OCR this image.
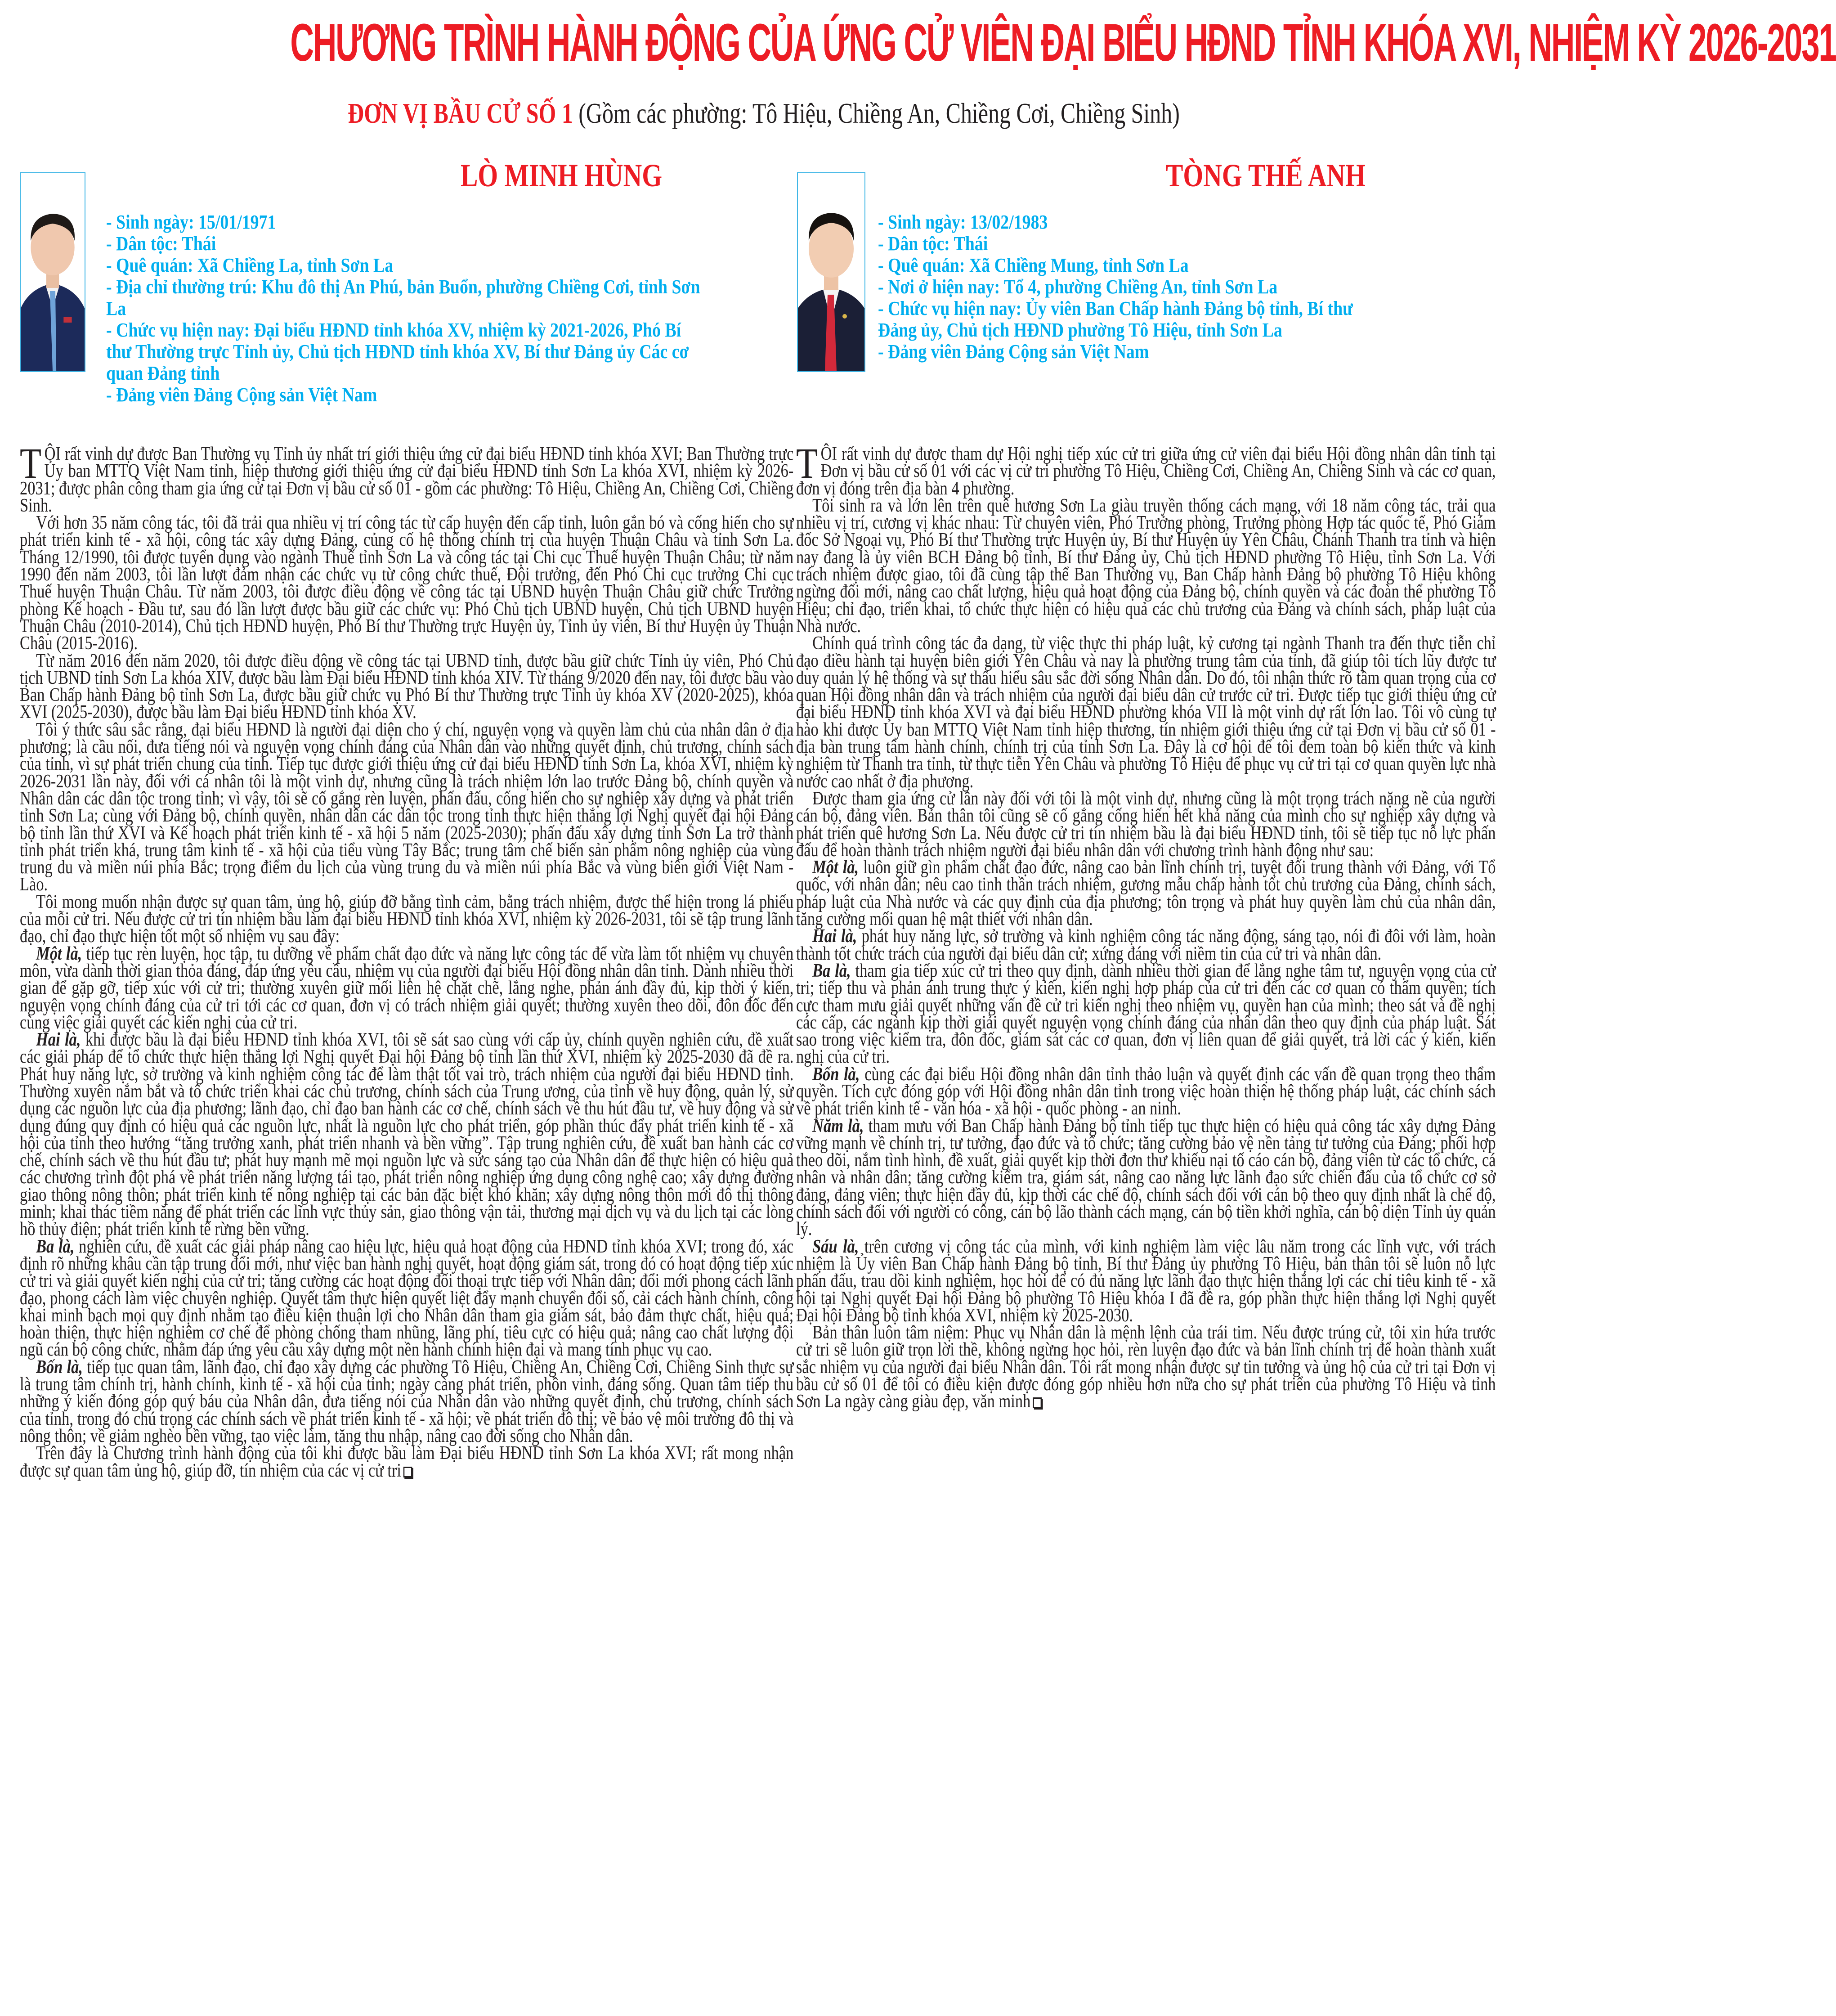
CHƯƠNG TRÌNH HÀNH ĐỘNG CỦA ỨNG CỬ VIÊN ĐẠI BIỂU HĐND TỈNH KHÓA XVI, NHIỆM KỲ 2026-2031
ĐƠN VỊ BẦU CỬ SỐ 1 (Gồm các phường: Tô Hiệu, Chiềng An, Chiềng Cơi, Chiềng Sinh)
LÒ MINH HÙNG
- Sinh ngày: 15/01/1971
- Dân tộc: Thái
- Quê quán: Xã Chiềng La, tỉnh Sơn La
- Địa chỉ thường trú: Khu đô thị An Phú, bản Buổn, phường Chiềng Cơi, tỉnh Sơn La
- Chức vụ hiện nay: Đại biểu HĐND tỉnh khóa XV, nhiệm kỳ 2021-2026, Phó Bí thư Thường trực Tỉnh ủy, Chủ tịch HĐND tỉnh khóa XV, Bí thư Đảng ủy Các cơ quan Đảng tỉnh
- Đảng viên Đảng Cộng sản Việt Nam
TÒNG THẾ ANH
- Sinh ngày: 13/02/1983
- Dân tộc: Thái
- Quê quán: Xã Chiềng Mung, tỉnh Sơn La
- Nơi ở hiện nay: Tổ 4, phường Chiềng An, tỉnh Sơn La
- Chức vụ hiện nay: Ủy viên Ban Chấp hành Đảng bộ tỉnh, Bí thư Đảng ủy, Chủ tịch HĐND phường Tô Hiệu, tỉnh Sơn La
- Đảng viên Đảng Cộng sản Việt Nam

TÔI rất vinh dự được Ban Thường vụ Tỉnh ủy nhất trí giới thiệu ứng cử đại biểu HĐND tỉnh khóa XVI; Ban Thường trực Ủy ban MTTQ Việt Nam tỉnh, hiệp thương giới thiệu ứng cử đại biểu HĐND tỉnh Sơn La khóa XVI, nhiệm kỳ 2026-2031; được phân công tham gia ứng cử tại Đơn vị bầu cử số 01 - gồm các phường: Tô Hiệu, Chiềng An, Chiềng Cơi, Chiềng Sinh.

Với hơn 35 năm công tác, tôi đã trải qua nhiều vị trí công tác từ cấp huyện đến cấp tỉnh, luôn gắn bó và cống hiến cho sự phát triển kinh tế - xã hội, công tác xây dựng Đảng, củng cố hệ thống chính trị của huyện Thuận Châu và tỉnh Sơn La. Tháng 12/1990, tôi được tuyển dụng vào ngành Thuế tỉnh Sơn La và công tác tại Chi cục Thuế huyện Thuận Châu; từ năm 1990 đến năm 2003, tôi lần lượt đảm nhận các chức vụ từ công chức thuế, Đội trưởng, đến Phó Chi cục trưởng Chi cục Thuế huyện Thuận Châu. Từ năm 2003, tôi được điều động về công tác tại UBND huyện Thuận Châu giữ chức Trưởng phòng Kế hoạch - Đầu tư, sau đó lần lượt được bầu giữ các chức vụ: Phó Chủ tịch UBND huyện, Chủ tịch UBND huyện Thuận Châu (2010-2014), Chủ tịch HĐND huyện, Phó Bí thư Thường trực Huyện ủy, Tỉnh ủy viên, Bí thư Huyện ủy Thuận Châu (2015-2016).

Từ năm 2016 đến năm 2020, tôi được điều động về công tác tại UBND tỉnh, được bầu giữ chức Tỉnh ủy viên, Phó Chủ tịch UBND tỉnh Sơn La khóa XIV, được bầu làm Đại biểu HĐND tỉnh khóa XIV. Từ tháng 9/2020 đến nay, tôi được bầu vào Ban Chấp hành Đảng bộ tỉnh Sơn La, được bầu giữ chức vụ Phó Bí thư Thường trực Tỉnh ủy khóa XV (2020-2025), khóa XVI (2025-2030), được bầu làm Đại biểu HĐND tỉnh khóa XV.

Tôi ý thức sâu sắc rằng, đại biểu HĐND là người đại diện cho ý chí, nguyện vọng và quyền làm chủ của nhân dân ở địa phương; là cầu nối, đưa tiếng nói và nguyện vọng chính đáng của Nhân dân vào những quyết định, chủ trương, chính sách của tỉnh, vì sự phát triển chung của tỉnh. Tiếp tục được giới thiệu ứng cử đại biểu HĐND tỉnh Sơn La, khóa XVI, nhiệm kỳ 2026-2031 lần này, đối với cá nhân tôi là một vinh dự, nhưng cũng là trách nhiệm lớn lao trước Đảng bộ, chính quyền và Nhân dân các dân tộc trong tỉnh; vì vậy, tôi sẽ cố gắng rèn luyện, phấn đấu, cống hiến cho sự nghiệp xây dựng và phát triển tỉnh Sơn La; cùng với Đảng bộ, chính quyền, nhân dân các dân tộc trong tỉnh thực hiện thắng lợi Nghị quyết đại hội Đảng bộ tỉnh lần thứ XVI và Kế hoạch phát triển kinh tế - xã hội 5 năm (2025-2030); phấn đấu xây dựng tỉnh Sơn La trở thành tỉnh phát triển khá, trung tâm kinh tế - xã hội của tiểu vùng Tây Bắc; trung tâm chế biến sản phẩm nông nghiệp của vùng trung du và miền núi phía Bắc; trọng điểm du lịch của vùng trung du và miền núi phía Bắc và vùng biên giới Việt Nam - Lào.

Tôi mong muốn nhận được sự quan tâm, ủng hộ, giúp đỡ bằng tình cảm, bằng trách nhiệm, được thể hiện trong lá phiếu của mỗi cử tri. Nếu được cử tri tín nhiệm bầu làm đại biểu HĐND tỉnh khóa XVI, nhiệm kỳ 2026-2031, tôi sẽ tập trung lãnh đạo, chỉ đạo thực hiện tốt một số nhiệm vụ sau đây:

Một là, tiếp tục rèn luyện, học tập, tu dưỡng về phẩm chất đạo đức và năng lực công tác để vừa làm tốt nhiệm vụ chuyên môn, vừa dành thời gian thỏa đáng, đáp ứng yêu cầu, nhiệm vụ của người đại biểu Hội đồng nhân dân tỉnh. Dành nhiều thời gian để gặp gỡ, tiếp xúc với cử tri; thường xuyên giữ mối liên hệ chặt chẽ, lắng nghe, phản ánh đầy đủ, kịp thời ý kiến, nguyện vọng chính đáng của cử tri tới các cơ quan, đơn vị có trách nhiệm giải quyết; thường xuyên theo dõi, đôn đốc đến cùng việc giải quyết các kiến nghị của cử tri.

Hai là, khi được bầu là đại biểu HĐND tỉnh khóa XVI, tôi sẽ sát sao cùng với cấp ủy, chính quyền nghiên cứu, đề xuất các giải pháp để tổ chức thực hiện thắng lợi Nghị quyết Đại hội Đảng bộ tỉnh lần thứ XVI, nhiệm kỳ 2025-2030 đã đề ra. Phát huy năng lực, sở trường và kinh nghiệm công tác để làm thật tốt vai trò, trách nhiệm của người đại biểu HĐND tỉnh. Thường xuyên nắm bắt và tổ chức triển khai các chủ trương, chính sách của Trung ương, của tỉnh về huy động, quản lý, sử dụng các nguồn lực của địa phương; lãnh đạo, chỉ đạo ban hành các cơ chế, chính sách về thu hút đầu tư, về huy động và sử dụng đúng quy định có hiệu quả các nguồn lực, nhất là nguồn lực cho phát triển, góp phần thúc đẩy phát triển kinh tế - xã hội của tỉnh theo hướng “tăng trưởng xanh, phát triển nhanh và bền vững”. Tập trung nghiên cứu, đề xuất ban hành các cơ chế, chính sách về thu hút đầu tư; phát huy mạnh mẽ mọi nguồn lực và sức sáng tạo của Nhân dân để thực hiện có hiệu quả các chương trình đột phá về phát triển năng lượng tái tạo, phát triển nông nghiệp ứng dụng công nghệ cao; xây dựng đường giao thông nông thôn; phát triển kinh tế nông nghiệp tại các bản đặc biệt khó khăn; xây dựng nông thôn mới đô thị thông minh; khai thác tiềm năng để phát triển các lĩnh vực thủy sản, giao thông vận tải, thương mại dịch vụ và du lịch tại các lòng hồ thủy điện; phát triển kinh tế rừng bền vững.

Ba là, nghiên cứu, đề xuất các giải pháp nâng cao hiệu lực, hiệu quả hoạt động của HĐND tỉnh khóa XVI; trong đó, xác định rõ những khâu cần tập trung đổi mới, như việc ban hành nghị quyết, hoạt động giám sát, trong đó có hoạt động tiếp xúc cử tri và giải quyết kiến nghị của cử tri; tăng cường các hoạt động đối thoại trực tiếp với Nhân dân; đổi mới phong cách lãnh đạo, phong cách làm việc chuyên nghiệp. Quyết tâm thực hiện quyết liệt đẩy mạnh chuyển đổi số, cải cách hành chính, công khai minh bạch mọi quy định nhằm tạo điều kiện thuận lợi cho Nhân dân tham gia giám sát, bảo đảm thực chất, hiệu quả; hoàn thiện, thực hiện nghiêm cơ chế để phòng chống tham nhũng, lãng phí, tiêu cực có hiệu quả; nâng cao chất lượng đội ngũ cán bộ công chức, nhằm đáp ứng yêu cầu xây dựng một nền hành chính hiện đại và mang tính phục vụ cao.

Bốn là, tiếp tục quan tâm, lãnh đạo, chỉ đạo xây dựng các phường Tô Hiệu, Chiềng An, Chiềng Cơi, Chiềng Sinh thực sự là trung tâm chính trị, hành chính, kinh tế - xã hội của tỉnh; ngày càng phát triển, phồn vinh, đáng sống. Quan tâm tiếp thu những ý kiến đóng góp quý báu của Nhân dân, đưa tiếng nói của Nhân dân vào những quyết định, chủ trương, chính sách của tỉnh, trong đó chú trọng các chính sách về phát triển kinh tế - xã hội; về phát triển đô thị; về bảo vệ môi trường đô thị và nông thôn; về giảm nghèo bền vững, tạo việc làm, tăng thu nhập, nâng cao đời sống cho Nhân dân.

Trên đây là Chương trình hành động của tôi khi được bầu làm Đại biểu HĐND tỉnh Sơn La khóa XVI; rất mong nhận được sự quan tâm ủng hộ, giúp đỡ, tín nhiệm của các vị cử tri

TÔI rất vinh dự được tham dự Hội nghị tiếp xúc cử tri giữa ứng cử viên đại biểu Hội đồng nhân dân tỉnh tại Đơn vị bầu cử số 01 với các vị cử tri phường Tô Hiệu, Chiềng Cơi, Chiềng An, Chiềng Sinh và các cơ quan, đơn vị đóng trên địa bàn 4 phường.

Tôi sinh ra và lớn lên trên quê hương Sơn La giàu truyền thống cách mạng, với 18 năm công tác, trải qua nhiều vị trí, cương vị khác nhau: Từ chuyên viên, Phó Trưởng phòng, Trưởng phòng Hợp tác quốc tế, Phó Giám đốc Sở Ngoại vụ, Phó Bí thư Thường trực Huyện ủy, Bí thư Huyện ủy Yên Châu, Chánh Thanh tra tỉnh và hiện nay đang là ủy viên BCH Đảng bộ tỉnh, Bí thư Đảng ủy, Chủ tịch HĐND phường Tô Hiệu, tỉnh Sơn La. Với trách nhiệm được giao, tôi đã cùng tập thể Ban Thường vụ, Ban Chấp hành Đảng bộ phường Tô Hiệu không ngừng đổi mới, nâng cao chất lượng, hiệu quả hoạt động của Đảng bộ, chính quyền và các đoàn thể phường Tô Hiệu; chỉ đạo, triển khai, tổ chức thực hiện có hiệu quả các chủ trương của Đảng và chính sách, pháp luật của Nhà nước.

Chính quá trình công tác đa dạng, từ việc thực thi pháp luật, kỷ cương tại ngành Thanh tra đến thực tiễn chỉ đạo điều hành tại huyện biên giới Yên Châu và nay là phường trung tâm của tỉnh, đã giúp tôi tích lũy được tư duy quản lý hệ thống và sự thấu hiểu sâu sắc đời sống Nhân dân. Do đó, tôi nhận thức rõ tầm quan trọng của cơ quan Hội đồng nhân dân và trách nhiệm của người đại biểu dân cử trước cử tri. Được tiếp tục giới thiệu ứng cử đại biểu HĐND tỉnh khóa XVI và đại biểu HĐND phường khóa VII là một vinh dự rất lớn lao. Tôi vô cùng tự hào khi được Ủy ban MTTQ Việt Nam tỉnh hiệp thương, tín nhiệm giới thiệu ứng cử tại Đơn vị bầu cử số 01 - địa bàn trung tâm hành chính, chính trị của tỉnh Sơn La. Đây là cơ hội để tôi đem toàn bộ kiến thức và kinh nghiệm từ Thanh tra tỉnh, từ thực tiễn Yên Châu và phường Tô Hiệu để phục vụ cử tri tại cơ quan quyền lực nhà nước cao nhất ở địa phương.

Được tham gia ứng cử lần này đối với tôi là một vinh dự, nhưng cũng là một trọng trách nặng nề của người cán bộ, đảng viên. Bản thân tôi cũng sẽ cố gắng cống hiến hết khả năng của mình cho sự nghiệp xây dựng và phát triển quê hương Sơn La. Nếu được cử tri tín nhiệm bầu là đại biểu HĐND tỉnh, tôi sẽ tiếp tục nỗ lực phấn đấu để hoàn thành trách nhiệm người đại biểu nhân dân với chương trình hành động như sau:

Một là, luôn giữ gìn phẩm chất đạo đức, nâng cao bản lĩnh chính trị, tuyệt đối trung thành với Đảng, với Tổ quốc, với nhân dân; nêu cao tinh thần trách nhiệm, gương mẫu chấp hành tốt chủ trương của Đảng, chính sách, pháp luật của Nhà nước và các quy định của địa phương; tôn trọng và phát huy quyền làm chủ của nhân dân, tăng cường mối quan hệ mật thiết với nhân dân.

Hai là, phát huy năng lực, sở trường và kinh nghiệm công tác năng động, sáng tạo, nói đi đôi với làm, hoàn thành tốt chức trách của người đại biểu dân cử; xứng đáng với niềm tin của cử tri và nhân dân.

Ba là, tham gia tiếp xúc cử tri theo quy định, dành nhiều thời gian để lắng nghe tâm tư, nguyện vọng của cử tri; tiếp thu và phản ánh trung thực ý kiến, kiến nghị hợp pháp của cử tri đến các cơ quan có thẩm quyền; tích cực tham mưu giải quyết những vấn đề cử tri kiến nghị theo nhiệm vụ, quyền hạn của mình; theo sát và đề nghị các cấp, các ngành kịp thời giải quyết nguyện vọng chính đáng của nhân dân theo quy định của pháp luật. Sát sao trong việc kiểm tra, đôn đốc, giám sát các cơ quan, đơn vị liên quan để giải quyết, trả lời các ý kiến, kiến nghị của cử tri.

Bốn là, cùng các đại biểu Hội đồng nhân dân tỉnh thảo luận và quyết định các vấn đề quan trọng theo thẩm quyền. Tích cực đóng góp với Hội đồng nhân dân tỉnh trong việc hoàn thiện hệ thống pháp luật, các chính sách về phát triển kinh tế - văn hóa - xã hội - quốc phòng - an ninh.

Năm là, tham mưu với Ban Chấp hành Đảng bộ tỉnh tiếp tục thực hiện có hiệu quả công tác xây dựng Đảng vững mạnh về chính trị, tư tưởng, đạo đức và tổ chức; tăng cường bảo vệ nền tảng tư tưởng của Đảng; phối hợp theo dõi, nắm tình hình, đề xuất, giải quyết kịp thời đơn thư khiếu nại tố cáo cán bộ, đảng viên từ các tổ chức, cá nhân và nhân dân; tăng cường kiểm tra, giám sát, nâng cao năng lực lãnh đạo sức chiến đấu của tổ chức cơ sở đảng, đảng viên; thực hiện đầy đủ, kịp thời các chế độ, chính sách đối với cán bộ theo quy định nhất là chế độ, chính sách đối với người có công, cán bộ lão thành cách mạng, cán bộ tiền khởi nghĩa, cán bộ diện Tỉnh ủy quản lý.

Sáu là, trên cương vị công tác của mình, với kinh nghiệm làm việc lâu năm trong các lĩnh vực, với trách nhiệm là Ủy viên Ban Chấp hành Đảng bộ tỉnh, Bí thư Đảng ủy phường Tô Hiệu, bản thân tôi sẽ luôn nỗ lực phấn đấu, trau dồi kinh nghiệm, học hỏi để có đủ năng lực lãnh đạo thực hiện thắng lợi các chỉ tiêu kinh tế - xã hội tại Nghị quyết Đại hội Đảng bộ phường Tô Hiệu khóa I đã đề ra, góp phần thực hiện thắng lợi Nghị quyết Đại hội Đảng bộ tỉnh khóa XVI, nhiệm kỳ 2025-2030.

Bản thân luôn tâm niệm: Phục vụ Nhân dân là mệnh lệnh của trái tim. Nếu được trúng cử, tôi xin hứa trước cử tri sẽ luôn giữ trọn lời thề, không ngừng học hỏi, rèn luyện đạo đức và bản lĩnh chính trị để hoàn thành xuất sắc nhiệm vụ của người đại biểu Nhân dân. Tôi rất mong nhận được sự tin tưởng và ủng hộ của cử tri tại Đơn vị bầu cử số 01 để tôi có điều kiện được đóng góp nhiều hơn nữa cho sự phát triển của phường Tô Hiệu và tỉnh Sơn La ngày càng giàu đẹp, văn minh
